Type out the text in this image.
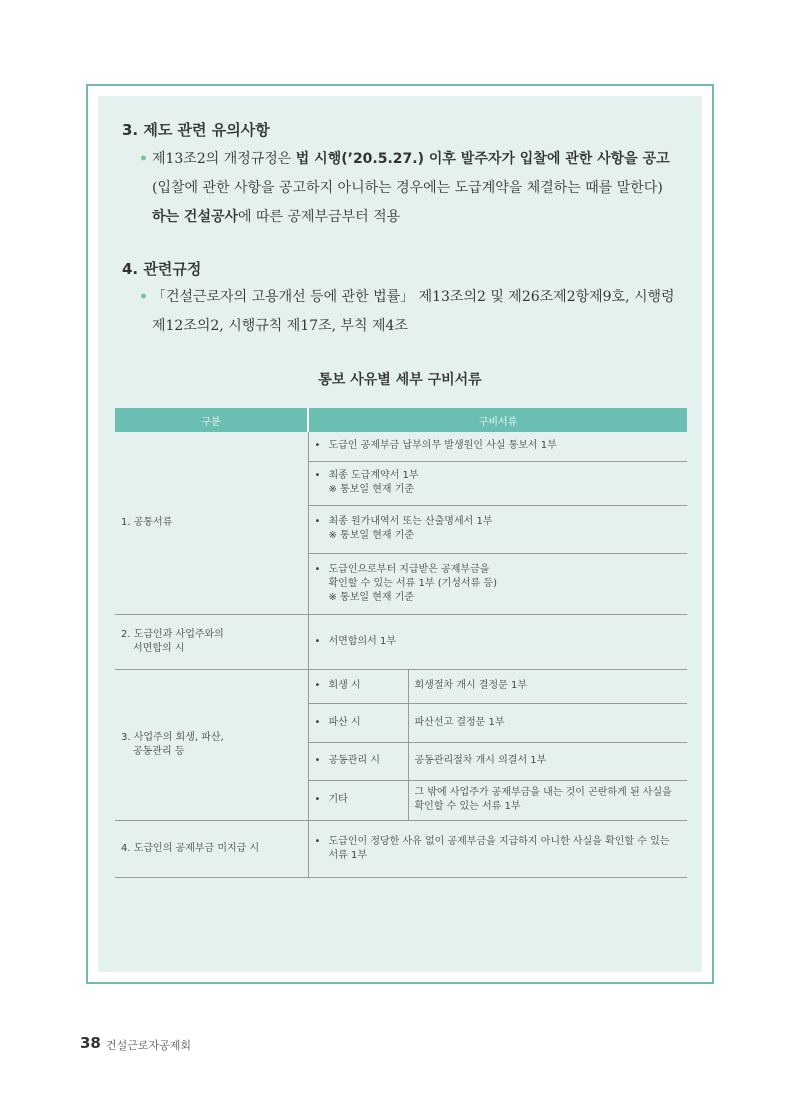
3. 제도 관련 유의사항
• 제13조2의 개정규정은 법 시행(’20.5.27.) 이후 발주자가 입찰에 관한 사항을 공고
(입찰에 관한 사항을 공고하지 아니하는 경우에는 도급계약을 체결하는 때를 말한다)
하는 건설공사에 따른 공제부금부터 적용
4. 관련규정
• 「건설근로자의 고용개선 등에 관한 법률」 제13조의2 및 제26조제2항제9호, 시행령
제12조의2, 시행규칙 제17조, 부칙 제4조
통보 사유별 세부 구비서류
구분	구비서류	
1. 공통서류	• 도급인 공제부금 납부의무 발생원인 사실 통보서 1부	
	• 최종 도급계약서 1부
※ 통보일 현재 기준	

	• 최종 원가내역서 또는 산출명세서 1부
※ 통보일 현재 기준	

	• 도급인으로부터 지급받은 공제부금을
확인할 수 있는 서류 1부 (기성서류 등)
※ 통보일 현재 기준	

2. 도급인과 사업주와의
서면합의 시	• 서면합의서 1부	
3. 사업주의 회생, 파산,
공동관리 등	• 회생 시	회생절차 개시 결정문 1부
	• 파산 시	파산선고 결정문 1부
	• 공동관리 시	공동관리절차 개시 의결서 1부
	• 기타	그 밖에 사업주가 공제부금을 내는 것이 곤란하게 된 사실을
확인할 수 있는 서류 1부
4. 도급인의 공제부금 미지급 시	• 도급인이 정당한 사유 없이 공제부금을 지급하지 아니한 사실을 확인할 수 있는
서류 1부	
38 건설근로자공제회
